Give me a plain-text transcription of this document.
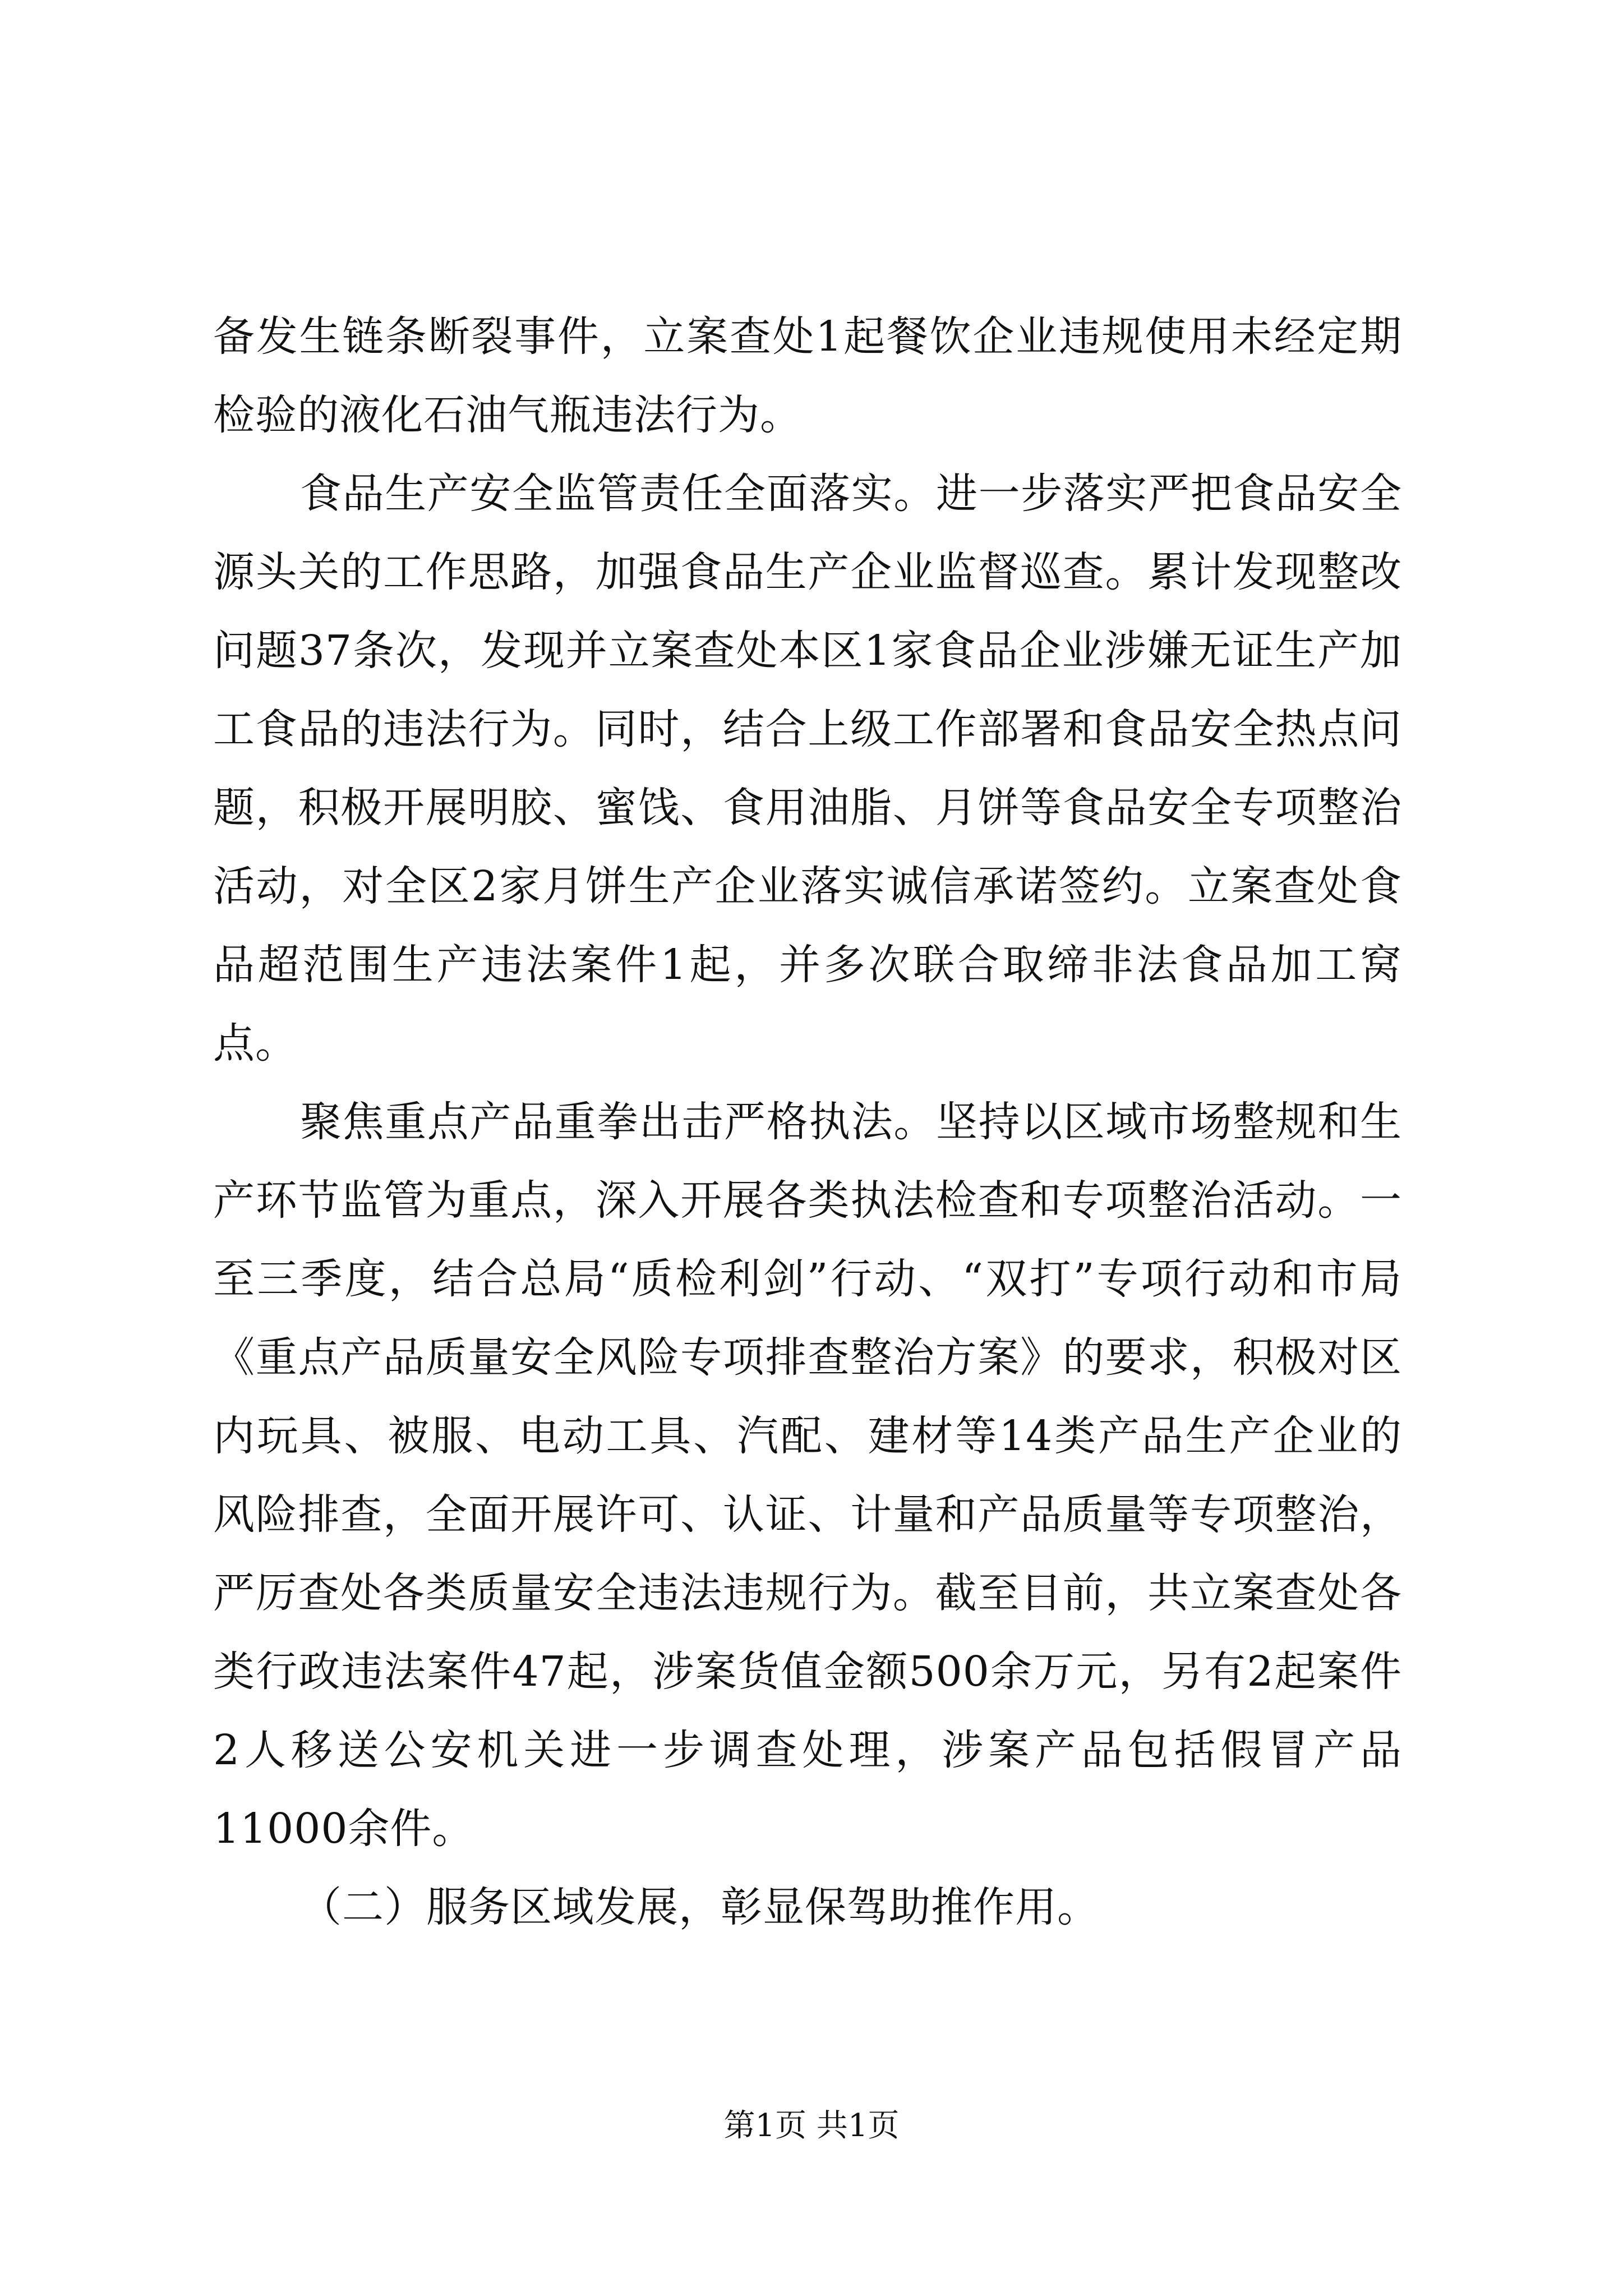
备发生链条断裂事件，立案查处1起餐饮企业违规使用未经定期检验的液化石油气瓶违法行为。

食品生产安全监管责任全面落实。进一步落实严把食品安全源头关的工作思路，加强食品生产企业监督巡查。累计发现整改问题37条次，发现并立案查处本区1家食品企业涉嫌无证生产加工食品的违法行为。同时，结合上级工作部署和食品安全热点问题，积极开展明胶、蜜饯、食用油脂、月饼等食品安全专项整治活动，对全区2家月饼生产企业落实诚信承诺签约。立案查处食品超范围生产违法案件1起，并多次联合取缔非法食品加工窝点。

聚焦重点产品重拳出击严格执法。坚持以区域市场整规和生产环节监管为重点，深入开展各类执法检查和专项整治活动。一至三季度，结合总局“质检利剑”行动、“双打”专项行动和市局《重点产品质量安全风险专项排查整治方案》的要求，积极对区内玩具、被服、电动工具、汽配、建材等14类产品生产企业的风险排查，全面开展许可、认证、计量和产品质量等专项整治，严厉查处各类质量安全违法违规行为。截至目前，共立案查处各类行政违法案件47起，涉案货值金额500余万元，另有2起案件2人移送公安机关进一步调查处理，涉案产品包括假冒产品11000余件。

（二）服务区域发展，彰显保驾助推作用。

第1页 共1页
